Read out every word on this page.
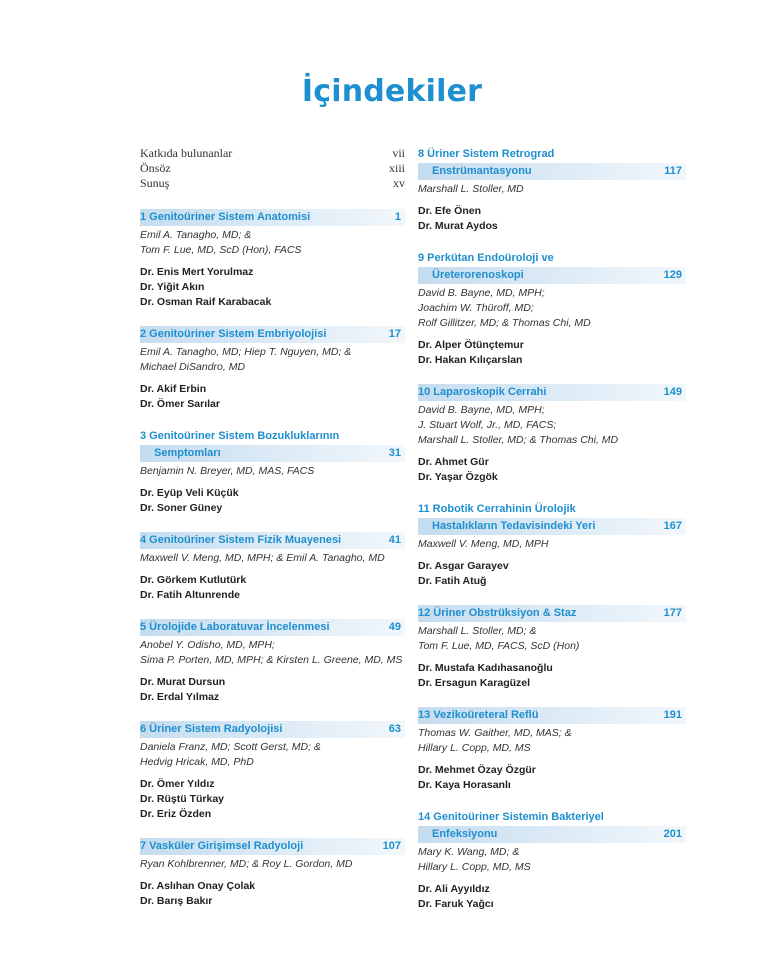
İçindekiler
Katkıda bulunanlar	vii
Önsöz	xiii
Sunuş	xv
1 Genitoüriner Sistem Anatomisi	1
Emil A. Tanagho, MD; &
Tom F. Lue, MD, ScD (Hon), FACS
Dr. Enis Mert Yorulmaz
Dr. Yiğit Akın
Dr. Osman Raif Karabacak
2 Genitoüriner Sistem Embriyolojisi	17
Emil A. Tanagho, MD; Hiep T. Nguyen, MD; &
Michael DiSandro, MD
Dr. Akif Erbin
Dr. Ömer Sarılar
3 Genitoüriner Sistem Bozukluklarının
Semptomları	31
Benjamin N. Breyer, MD, MAS, FACS
Dr. Eyüp Veli Küçük
Dr. Soner Güney
4 Genitoüriner Sistem Fizik Muayenesi	41
Maxwell V. Meng, MD, MPH; & Emil A. Tanagho, MD
Dr. Görkem Kutlutürk
Dr. Fatih Altunrende
5 Ürolojide Laboratuvar İncelenmesi	49
Anobel Y. Odisho, MD, MPH;
Sima P. Porten, MD, MPH; & Kirsten L. Greene, MD, MS
Dr. Murat Dursun
Dr. Erdal Yılmaz
6 Üriner Sistem Radyolojisi	63
Daniela Franz, MD; Scott Gerst, MD; &
Hedvig Hricak, MD, PhD
Dr. Ömer Yıldız
Dr. Rüştü Türkay
Dr. Eriz Özden
7 Vasküler Girişimsel Radyoloji	107
Ryan Kohlbrenner, MD; & Roy L. Gordon, MD
Dr. Aslıhan Onay Çolak
Dr. Barış Bakır
8 Üriner Sistem Retrograd
Enstrümantasyonu	117
Marshall L. Stoller, MD
Dr. Efe Önen
Dr. Murat Aydos
9 Perkütan Endoüroloji ve
Üreterorenoskopi	129
David B. Bayne, MD, MPH;
Joachim W. Thüroff, MD;
Rolf Gillitzer, MD; & Thomas Chi, MD
Dr. Alper Ötünçtemur
Dr. Hakan Kılıçarslan
10 Laparoskopik Cerrahi	149
David B. Bayne, MD, MPH;
J. Stuart Wolf, Jr., MD, FACS;
Marshall L. Stoller, MD; & Thomas Chi, MD
Dr. Ahmet Gür
Dr. Yaşar Özgök
11 Robotik Cerrahinin Ürolojik
Hastalıkların Tedavisindeki Yeri	167
Maxwell V. Meng, MD, MPH
Dr. Asgar Garayev
Dr. Fatih Atuğ
12 Üriner Obstrüksiyon & Staz	177
Marshall L. Stoller, MD; &
Tom F. Lue, MD, FACS, ScD (Hon)
Dr. Mustafa Kadıhasanoğlu
Dr. Ersagun Karagüzel
13 Vezikoüreteral Reflü	191
Thomas W. Gaither, MD, MAS; &
Hillary L. Copp, MD, MS
Dr. Mehmet Özay Özgür
Dr. Kaya Horasanlı
14 Genitoüriner Sistemin Bakteriyel
Enfeksiyonu	201
Mary K. Wang, MD; &
Hillary L. Copp, MD, MS
Dr. Ali Ayyıldız
Dr. Faruk Yağcı
